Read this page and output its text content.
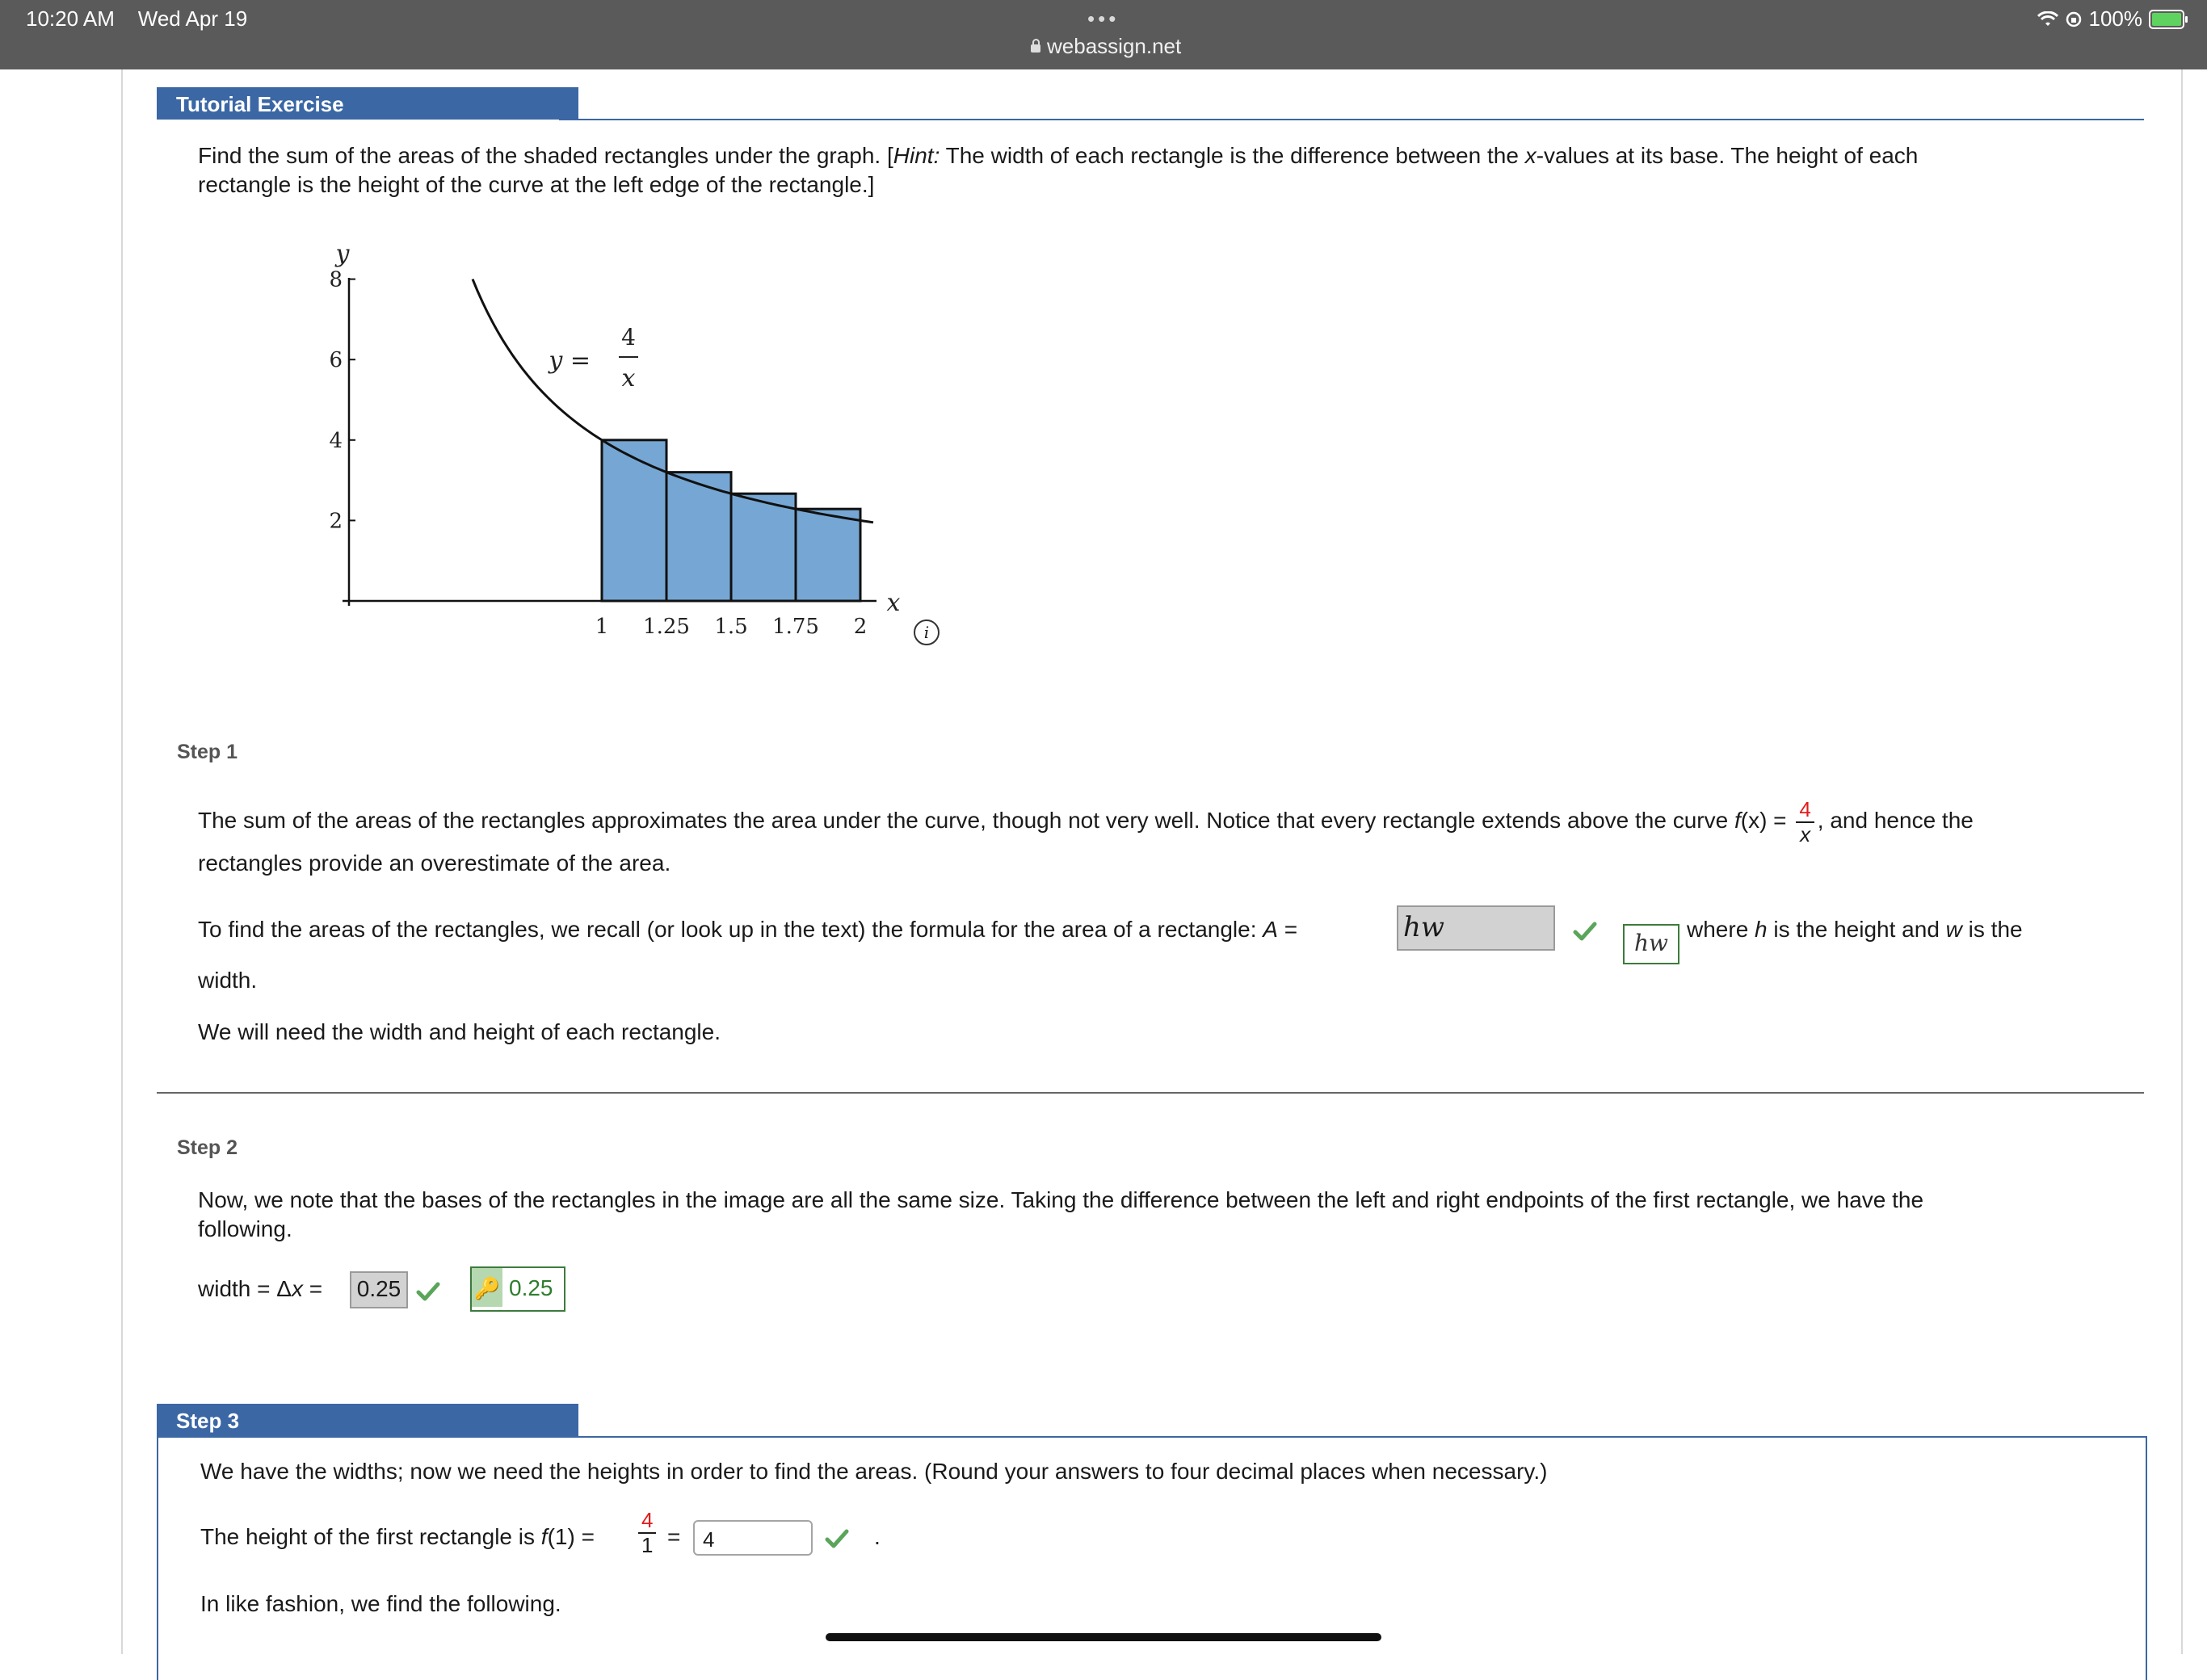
10:20 AM Wed Apr 19	•••
webassign.net
100%
Tutorial Exercise
Find the sum of the areas of the shaded rectangles under the graph. [Hint: The width of each rectangle is the difference between the x-values at its base. The height of each
rectangle is the height of the curve at the left edge of the rectangle.]
2
4
6
8
1 1.25 1.5 1.75 2
x
y
y =
4
x
i
Step 1
The sum of the areas of the rectangles approximates the area under the curve, though not very well. Notice that every rectangle extends above the curve $f(x) = \frac{4}{x}$ , and hence the
rectangles provide an overestimate of the area.
To find the areas of the rectangles, we recall (or look up in the text) the formula for the area of a rectangle: A =	hw	hw
where h is the height and w is the
width.
We will need the width and height of each rectangle.
Step 2
Now, we note that the bases of the rectangles in the image are all the same size. Taking the difference between the left and right endpoints of the first rectangle, we have the
following.
width = Δx =	0.25	🔑 0.25
Step 3
We have the widths; now we need the heights in order to find the areas. (Round your answers to four decimal places when necessary.)
The height of the first rectangle is $f(1) = \frac{4}{1}$ =	4	.
In like fashion, we find the following.
